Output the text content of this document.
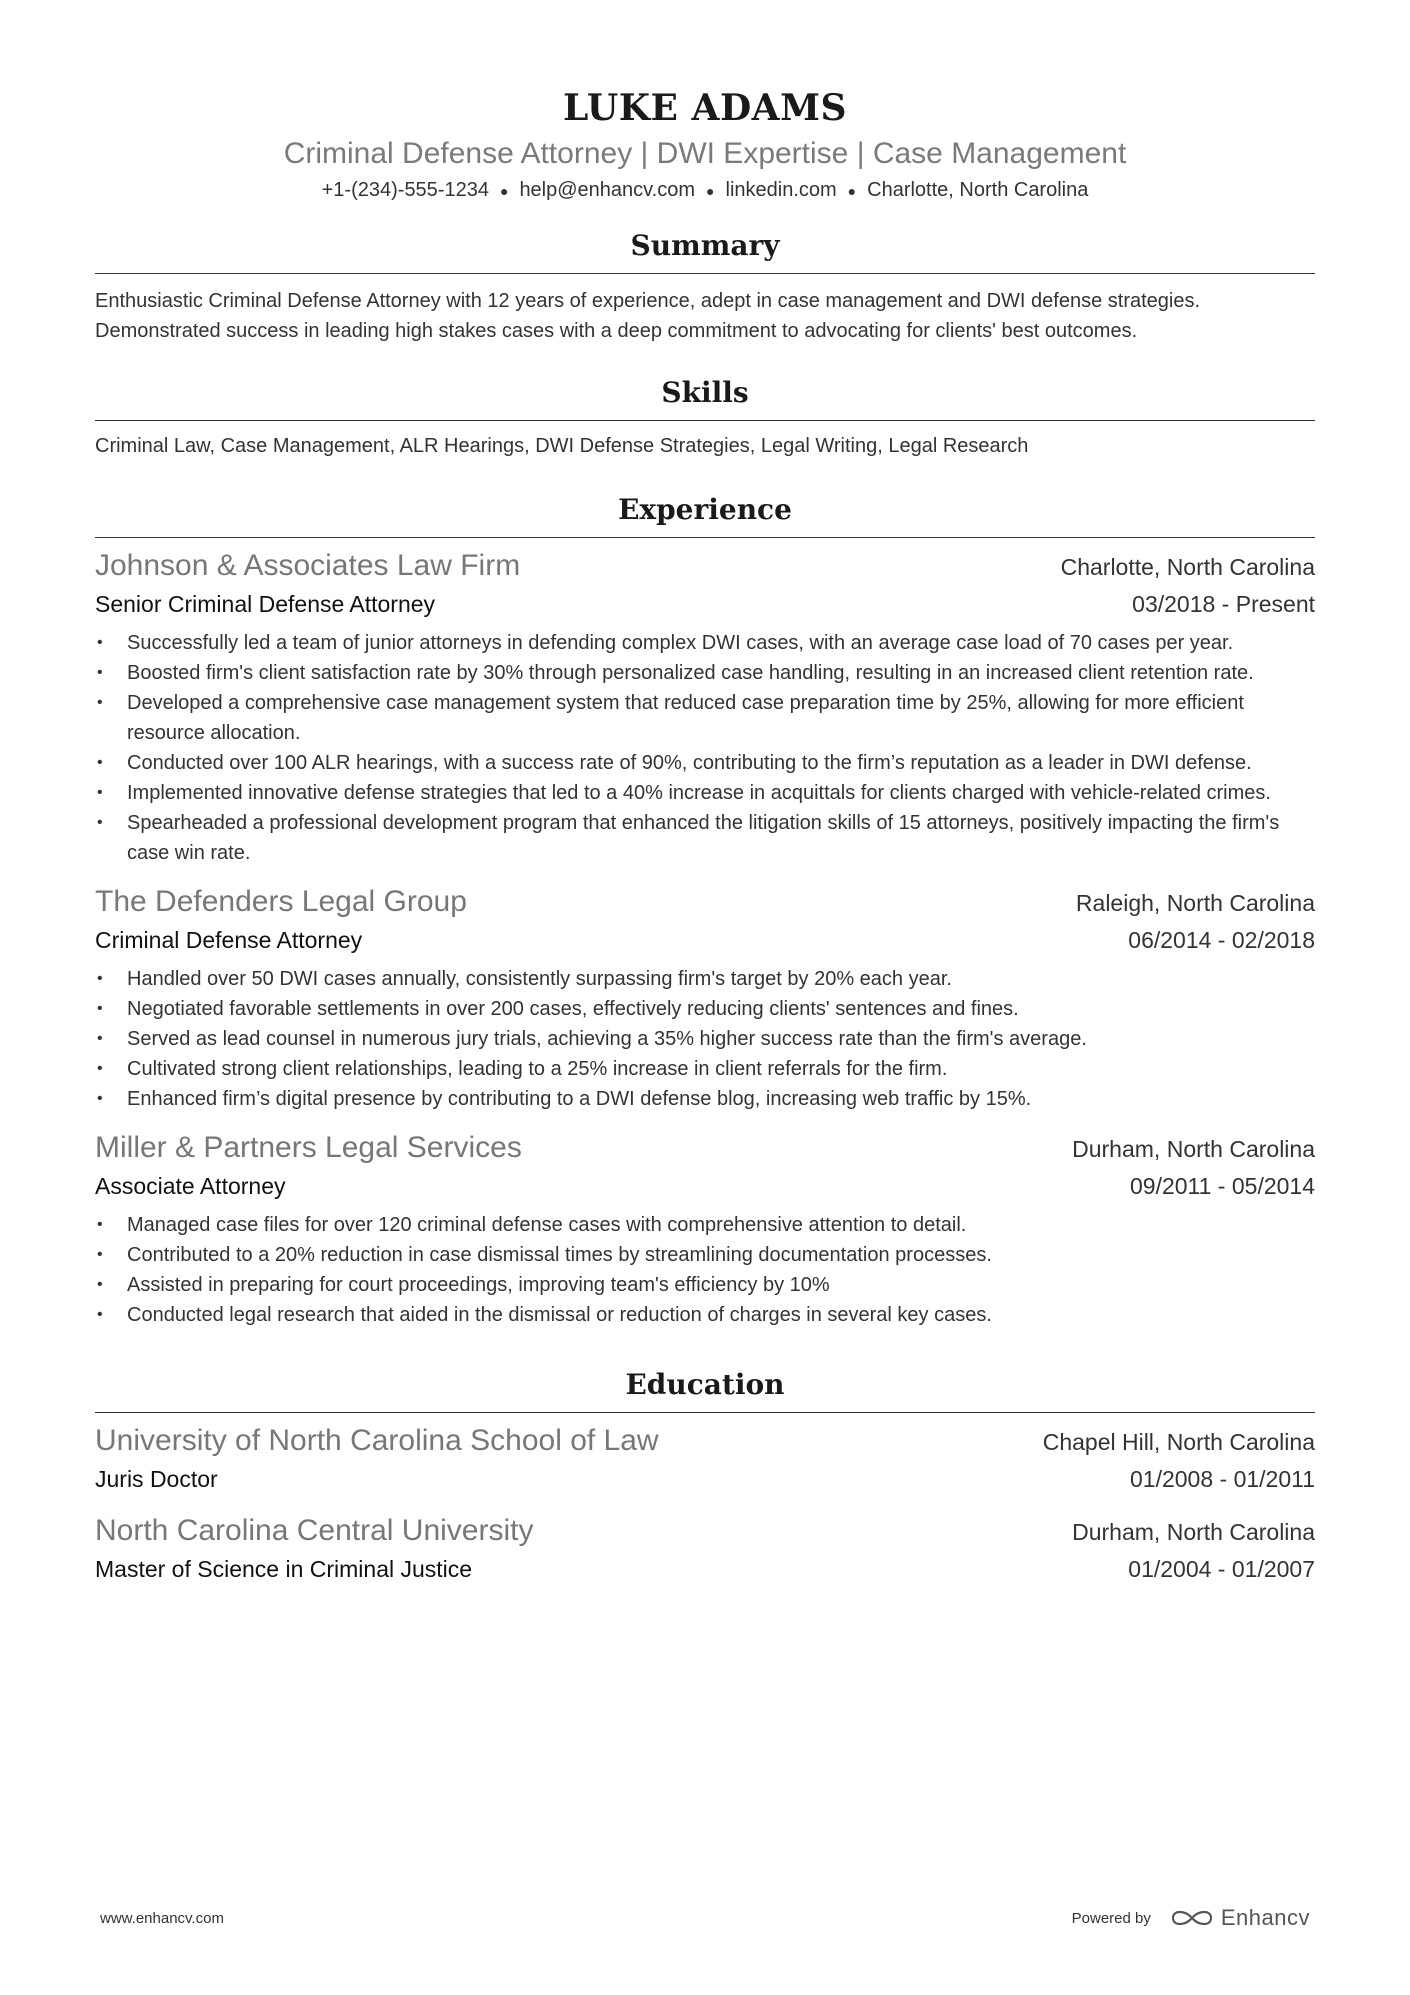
LUKE ADAMS
Criminal Defense Attorney | DWI Expertise | Case Management
+1-(234)-555-1234 ● help@enhancv.com ● linkedin.com ● Charlotte, North Carolina
Summary
Enthusiastic Criminal Defense Attorney with 12 years of experience, adept in case management and DWI defense strategies. Demonstrated success in leading high stakes cases with a deep commitment to advocating for clients' best outcomes.
Skills
Criminal Law, Case Management, ALR Hearings, DWI Defense Strategies, Legal Writing, Legal Research
Experience
Johnson & Associates Law Firm	Charlotte, North Carolina
Senior Criminal Defense Attorney	03/2018 - Present
• Successfully led a team of junior attorneys in defending complex DWI cases, with an average case load of 70 cases per year.
• Boosted firm's client satisfaction rate by 30% through personalized case handling, resulting in an increased client retention rate.
• Developed a comprehensive case management system that reduced case preparation time by 25%, allowing for more efficient resource allocation.
• Conducted over 100 ALR hearings, with a success rate of 90%, contributing to the firm’s reputation as a leader in DWI defense.
• Implemented innovative defense strategies that led to a 40% increase in acquittals for clients charged with vehicle-related crimes.
• Spearheaded a professional development program that enhanced the litigation skills of 15 attorneys, positively impacting the firm's case win rate.
The Defenders Legal Group	Raleigh, North Carolina
Criminal Defense Attorney	06/2014 - 02/2018
• Handled over 50 DWI cases annually, consistently surpassing firm's target by 20% each year.
• Negotiated favorable settlements in over 200 cases, effectively reducing clients' sentences and fines.
• Served as lead counsel in numerous jury trials, achieving a 35% higher success rate than the firm's average.
• Cultivated strong client relationships, leading to a 25% increase in client referrals for the firm.
• Enhanced firm’s digital presence by contributing to a DWI defense blog, increasing web traffic by 15%.
Miller & Partners Legal Services	Durham, North Carolina
Associate Attorney	09/2011 - 05/2014
• Managed case files for over 120 criminal defense cases with comprehensive attention to detail.
• Contributed to a 20% reduction in case dismissal times by streamlining documentation processes.
• Assisted in preparing for court proceedings, improving team's efficiency by 10%
• Conducted legal research that aided in the dismissal or reduction of charges in several key cases.
Education
University of North Carolina School of Law	Chapel Hill, North Carolina
Juris Doctor	01/2008 - 01/2011
North Carolina Central University	Durham, North Carolina
Master of Science in Criminal Justice	01/2004 - 01/2007
www.enhancv.com	Powered by	Enhancv
